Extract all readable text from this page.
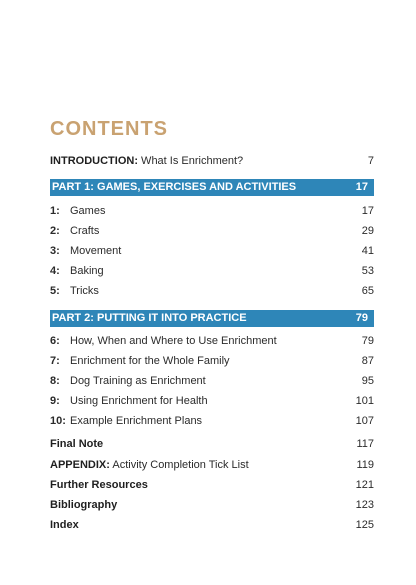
CONTENTS
INTRODUCTION: What Is Enrichment?	7
PART 1: GAMES, EXERCISES AND ACTIVITIES	17
1: Games	17
2: Crafts	29
3: Movement	41
4: Baking	53
5: Tricks	65
PART 2: PUTTING IT INTO PRACTICE	79
6: How, When and Where to Use Enrichment	79
7: Enrichment for the Whole Family	87
8: Dog Training as Enrichment	95
9: Using Enrichment for Health	101
10: Example Enrichment Plans	107
Final Note	117
APPENDIX: Activity Completion Tick List	119
Further Resources	121
Bibliography	123
Index	125
